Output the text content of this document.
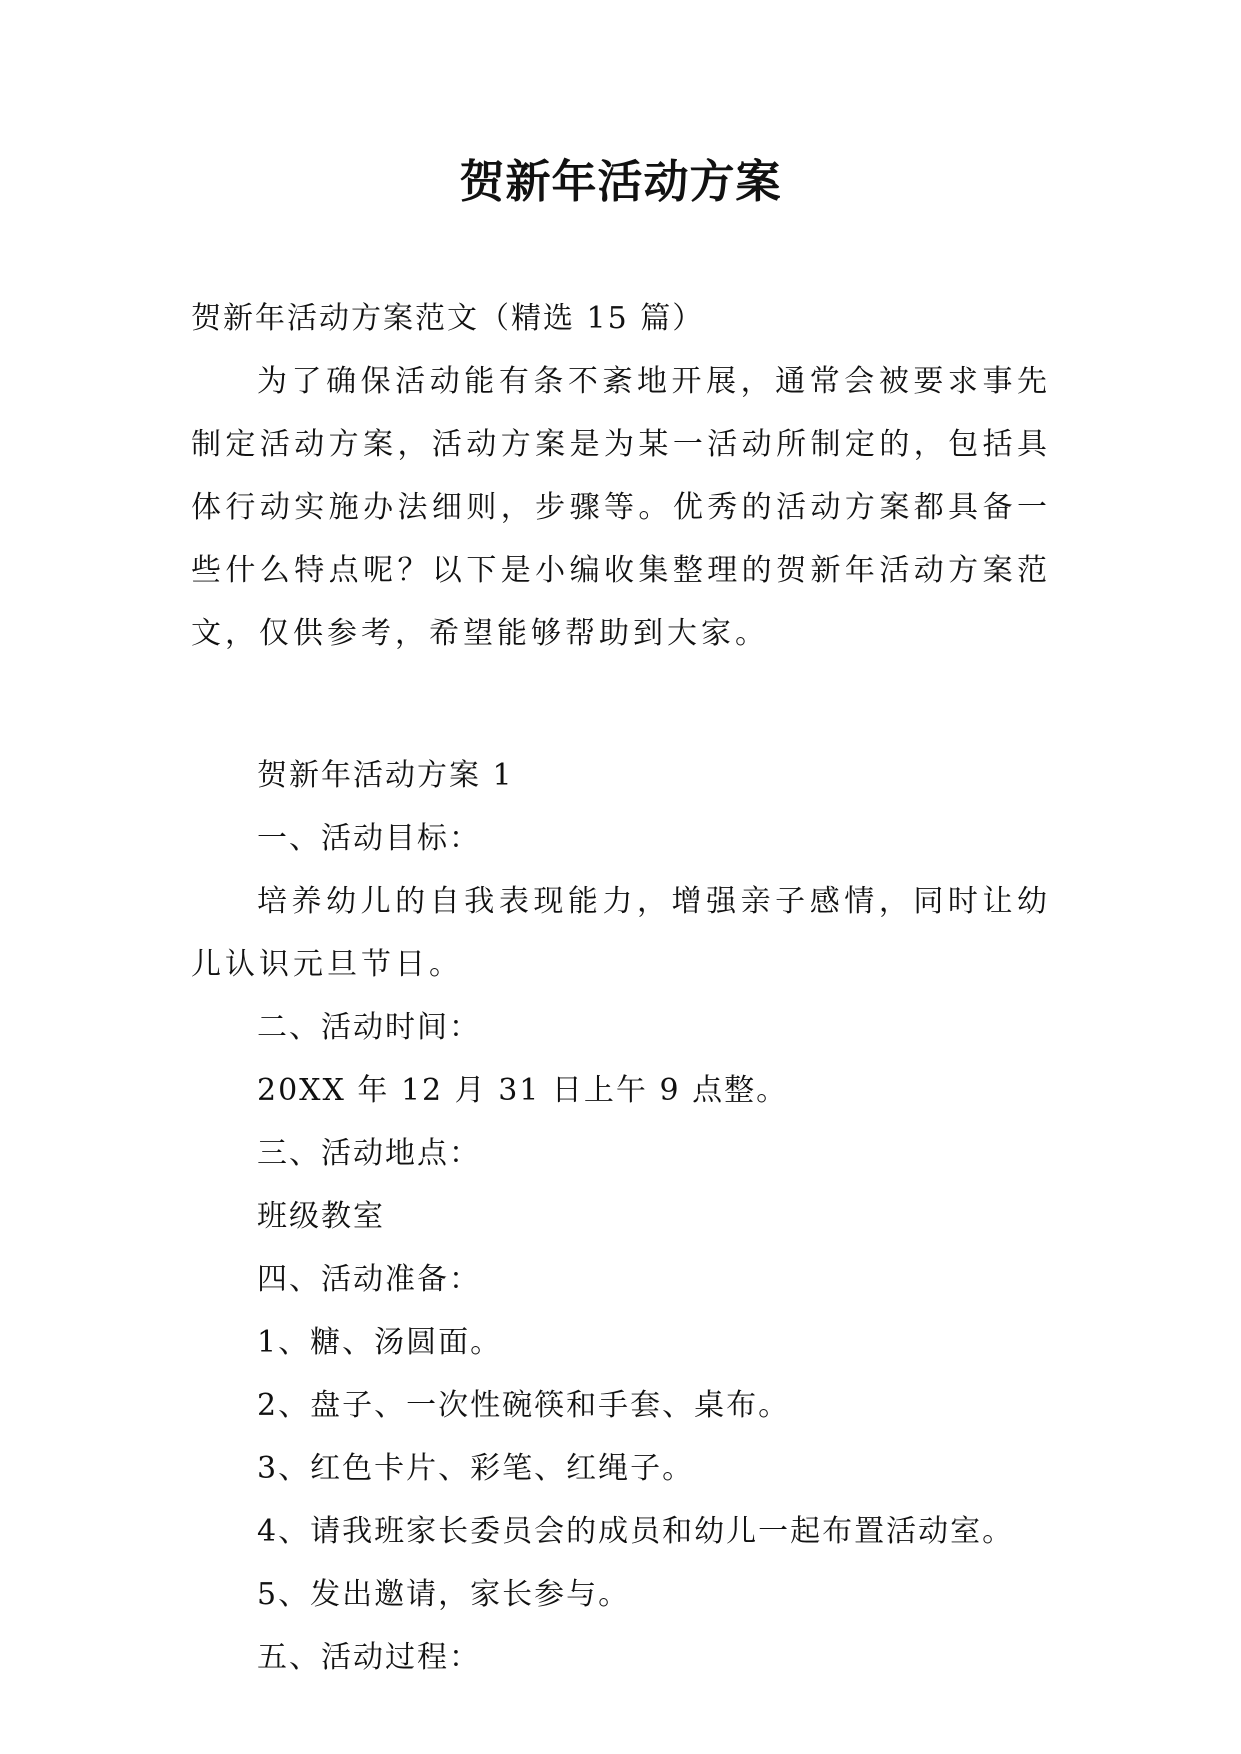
贺新年活动方案
贺新年活动方案范文（精选 15 篇）

为了确保活动能有条不紊地开展，通常会被要求事先制定活动方案，活动方案是为某一活动所制定的，包括具体行动实施办法细则，步骤等。优秀的活动方案都具备一些什么特点呢？以下是小编收集整理的贺新年活动方案范文，仅供参考，希望能够帮助到大家。

贺新年活动方案 1
一、活动目标：

培养幼儿的自我表现能力，增强亲子感情，同时让幼儿认识元旦节日。

二、活动时间：
20XX 年 12 月 31 日上午 9 点整。
三、活动地点：
班级教室
四、活动准备：
1、糖、汤圆面。
2、盘子、一次性碗筷和手套、桌布。
3、红色卡片、彩笔、红绳子。
4、请我班家长委员会的成员和幼儿一起布置活动室。
5、发出邀请，家长参与。
五、活动过程：
